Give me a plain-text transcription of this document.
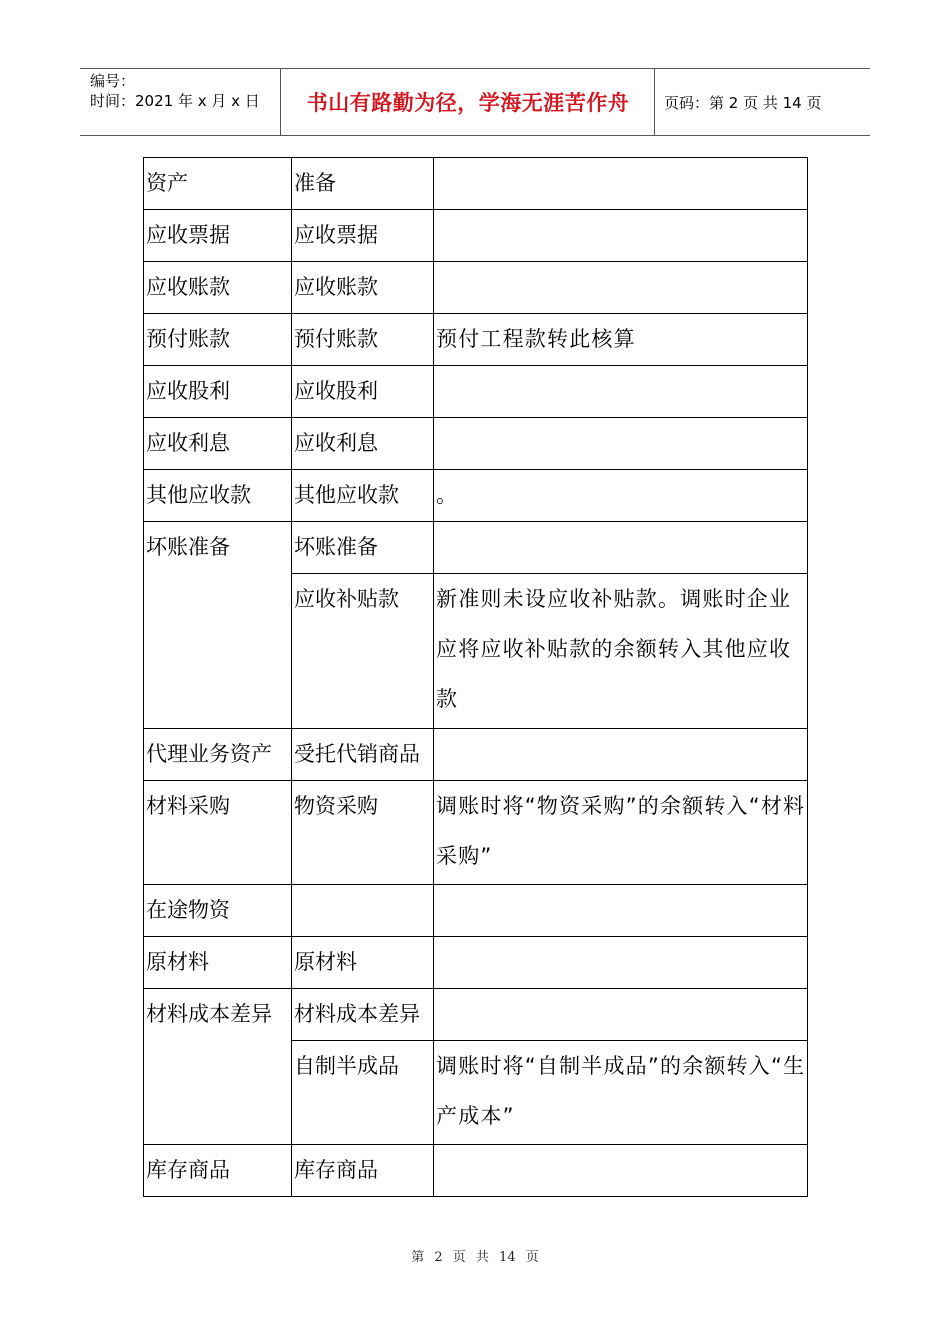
编号：
时间：2021 年 x 月 x 日	书山有路勤为径，学海无涯苦作舟	页码：第 2 页 共 14 页
资产	准备	
应收票据	应收票据	
应收账款	应收账款	
预付账款	预付账款	预付工程款转此核算
应收股利	应收股利	
应收利息	应收利息	
其他应收款	其他应收款	。
坏账准备	坏账准备	
	应收补贴款	新准则未设应收补贴款。调账时企业应将应收补贴款的余额转入其他应收款
代理业务资产	受托代销商品	
材料采购	物资采购	调账时将“物资采购”的余额转入“材料采购”
在途物资		
原材料	原材料	
材料成本差异	材料成本差异	
	自制半成品	调账时将“自制半成品”的余额转入“生产成本”
库存商品	库存商品	
第 2 页 共 14 页
